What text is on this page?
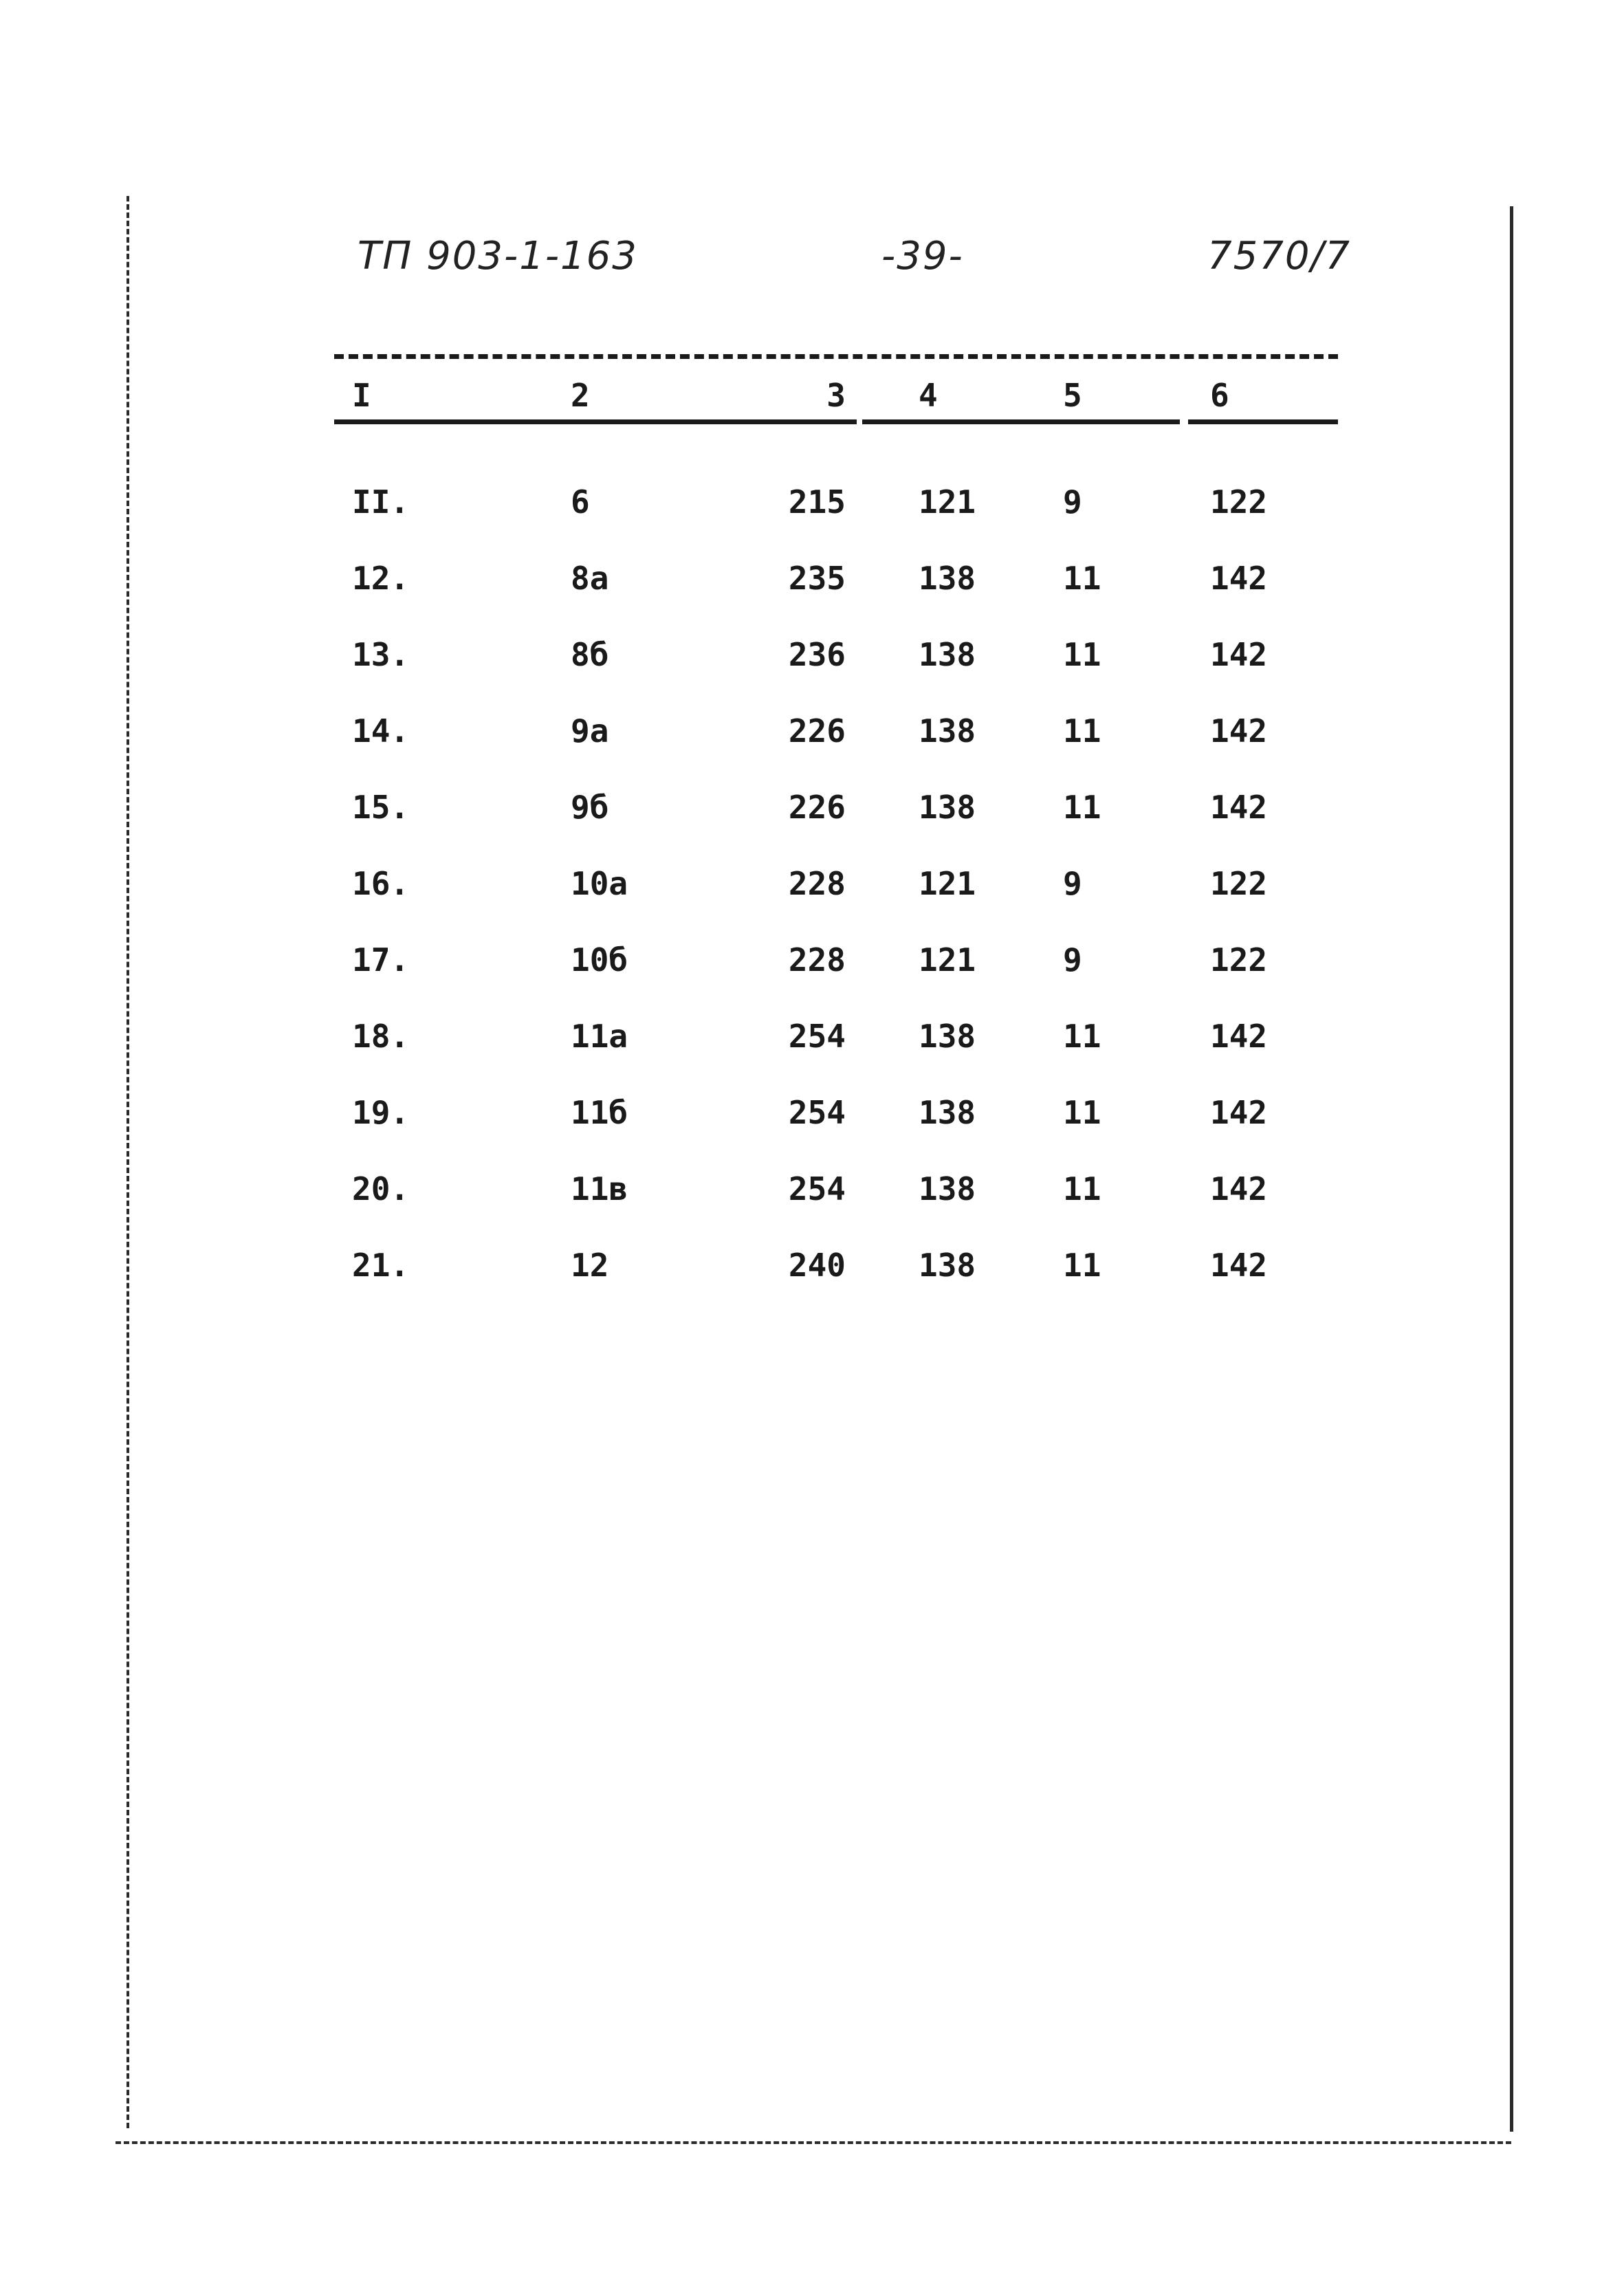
ТП 903-1-163	-39-	7570/7
I	2	3 4	5	6
II.	6	215 121	9	122
12.	8a	235 138	11	142
13.	8б	236 138	11	142
14.	9a	226 138	11	142
15.	9б	226 138	11	142
16.	10a	228 121	9	122
17.	10б	228 121	9	122
18.	11a	254 138	11	142
19.	11б	254 138	11	142
20.	11в	254 138	11	142
21.	12	240 138	11	142
